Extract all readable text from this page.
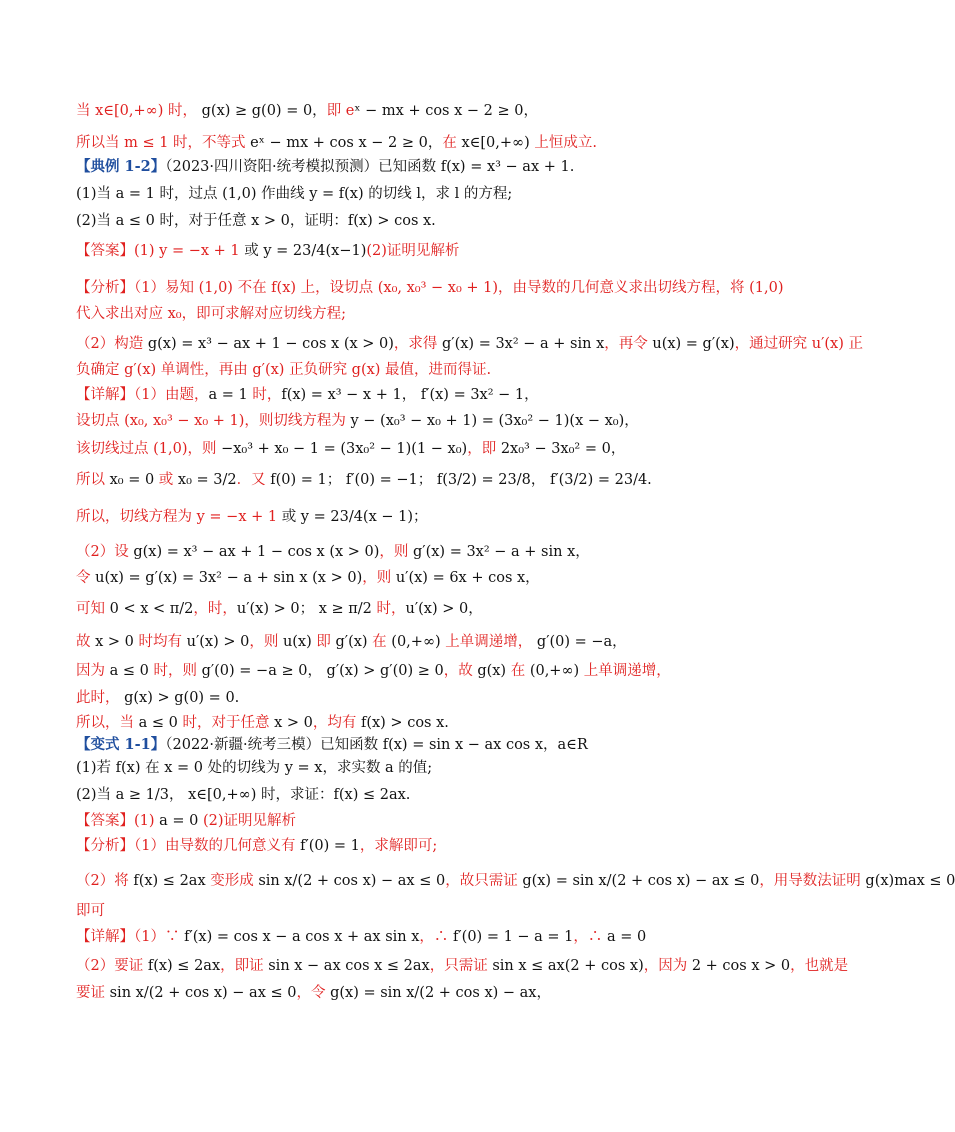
当 x∈[0,+∞) 时， g(x) ≥ g(0) = 0，即 eˣ − mx + cos x − 2 ≥ 0，
所以当 m ≤ 1 时，不等式 eˣ − mx + cos x − 2 ≥ 0，在 x∈[0,+∞) 上恒成立.
【典例 1-2】（2023·四川资阳·统考模拟预测）已知函数 f(x) = x³ − ax + 1.
(1)当 a = 1 时，过点 (1,0) 作曲线 y = f(x) 的切线 l，求 l 的方程;
(2)当 a ≤ 0 时，对于任意 x > 0，证明：f(x) > cos x.
【答案】(1) y = −x + 1 或 y = 23/4(x−1)(2)证明见解析
【分析】（1）易知 (1,0) 不在 f(x) 上，设切点 (x₀, x₀³ − x₀ + 1)，由导数的几何意义求出切线方程，将 (1,0)
代入求出对应 x₀，即可求解对应切线方程;
（2）构造 g(x) = x³ − ax + 1 − cos x (x > 0)，求得 g′(x) = 3x² − a + sin x，再令 u(x) = g′(x)，通过研究 u′(x) 正
负确定 g′(x) 单调性，再由 g′(x) 正负研究 g(x) 最值，进而得证.
【详解】（1）由题，a = 1 时，f(x) = x³ − x + 1， f′(x) = 3x² − 1，
设切点 (x₀, x₀³ − x₀ + 1)，则切线方程为 y − (x₀³ − x₀ + 1) = (3x₀² − 1)(x − x₀)，
该切线过点 (1,0)，则 −x₀³ + x₀ − 1 = (3x₀² − 1)(1 − x₀)，即 2x₀³ − 3x₀² = 0，
所以 x₀ = 0 或 x₀ = 3/2．又 f(0) = 1； f′(0) = −1； f(3/2) = 23/8， f′(3/2) = 23/4.
所以，切线方程为 y = −x + 1 或 y = 23/4(x − 1)；
（2）设 g(x) = x³ − ax + 1 − cos x (x > 0)，则 g′(x) = 3x² − a + sin x，
令 u(x) = g′(x) = 3x² − a + sin x (x > 0)，则 u′(x) = 6x + cos x，
可知 0 < x < π/2，时，u′(x) > 0； x ≥ π/2 时，u′(x) > 0，
故 x > 0 时均有 u′(x) > 0，则 u(x) 即 g′(x) 在 (0,+∞) 上单调递增， g′(0) = −a，
因为 a ≤ 0 时，则 g′(0) = −a ≥ 0， g′(x) > g′(0) ≥ 0，故 g(x) 在 (0,+∞) 上单调递增，
此时， g(x) > g(0) = 0.
所以，当 a ≤ 0 时，对于任意 x > 0，均有 f(x) > cos x.
【变式 1-1】（2022·新疆·统考三模）已知函数 f(x) = sin x − ax cos x，a∈R
(1)若 f(x) 在 x = 0 处的切线为 y = x，求实数 a 的值;
(2)当 a ≥ 1/3， x∈[0,+∞) 时，求证：f(x) ≤ 2ax.
【答案】(1) a = 0 (2)证明见解析
【分析】（1）由导数的几何意义有 f′(0) = 1，求解即可;
（2）将 f(x) ≤ 2ax 变形成 sin x/(2 + cos x) − ax ≤ 0，故只需证 g(x) = sin x/(2 + cos x) − ax ≤ 0，用导数法证明 g(x)max ≤ 0
即可
【详解】（1）∵ f′(x) = cos x − a cos x + ax sin x，∴ f′(0) = 1 − a = 1，∴ a = 0
（2）要证 f(x) ≤ 2ax，即证 sin x − ax cos x ≤ 2ax，只需证 sin x ≤ ax(2 + cos x)，因为 2 + cos x > 0，也就是
要证 sin x/(2 + cos x) − ax ≤ 0，令 g(x) = sin x/(2 + cos x) − ax，
